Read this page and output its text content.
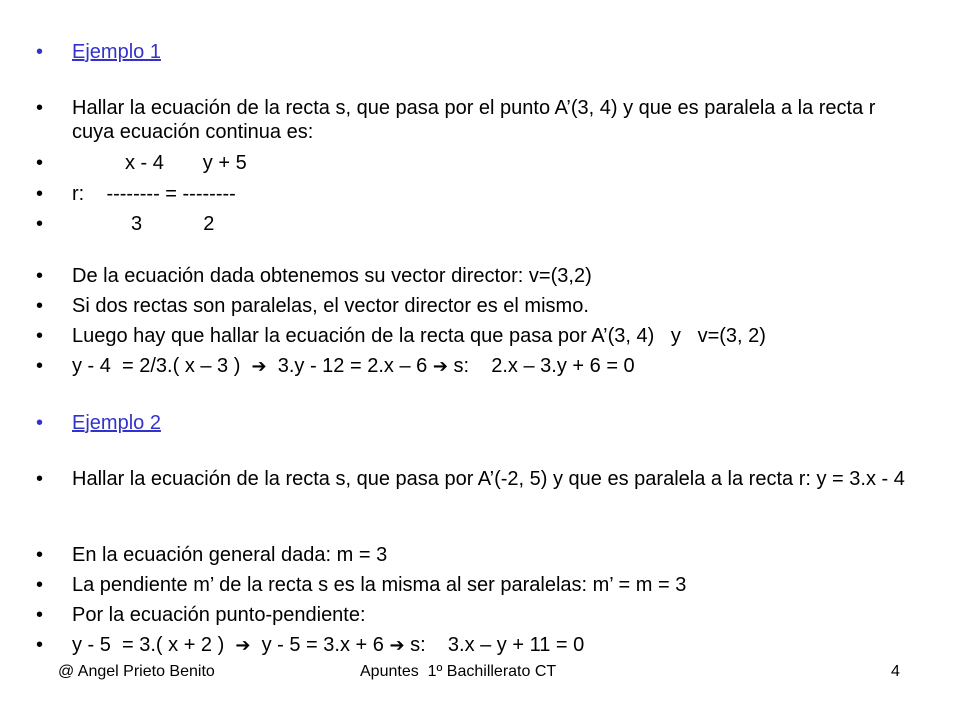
• Ejemplo 1
• Hallar la ecuación de la recta s, que pasa por el punto A’(3, 4) y que es paralela a la recta r cuya ecuación continua es:
•	x - 4       y + 5
• r:    -------- = --------
•	3           2
• De la ecuación dada obtenemos su vector director: v=(3,2)
• Si dos rectas son paralelas, el vector director es el mismo.
• Luego hay que hallar la ecuación de la recta que pasa por A’(3, 4)   y   v=(3, 2)
• y - 4  = 2/3.( x – 3 )  ➔  3.y - 12 = 2.x – 6 ➔ s:    2.x – 3.y + 6 = 0
• Ejemplo 2
• Hallar la ecuación de la recta s, que pasa por A’(-2, 5) y que es paralela a la recta r: y = 3.x - 4
• En la ecuación general dada: m = 3
• La pendiente m’ de la recta s es la misma al ser paralelas: m’ = m = 3
• Por la ecuación punto-pendiente:
• y - 5  = 3.( x + 2 )  ➔  y - 5 = 3.x + 6 ➔ s:    3.x – y + 11 = 0
@ Angel Prieto Benito	Apuntes  1º Bachillerato CT	4
